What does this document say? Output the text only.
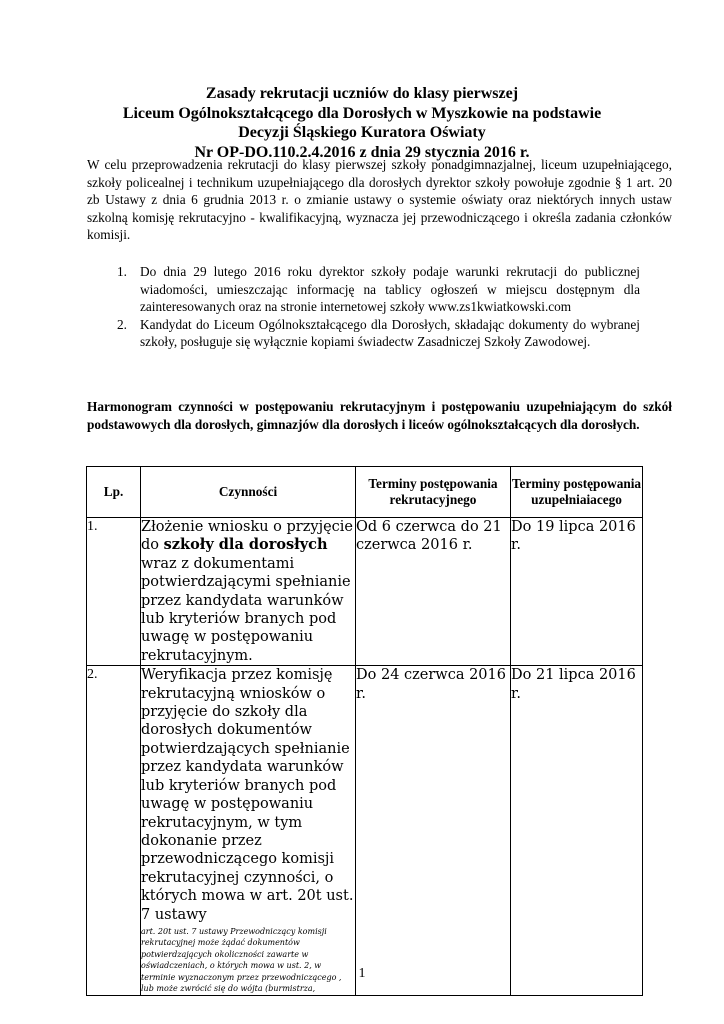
Zasady rekrutacji uczniów do klasy pierwszej
Liceum Ogólnokształcącego dla Dorosłych w Myszkowie na podstawie
Decyzji Śląskiego Kuratora Oświaty
Nr OP-DO.110.2.4.2016 z dnia 29 stycznia 2016 r.
W celu przeprowadzenia rekrutacji do klasy pierwszej szkoły ponadgimnazjalnej, liceum uzupełniającego, szkoły policealnej i technikum uzupełniającego dla dorosłych dyrektor szkoły powołuje zgodnie § 1 art. 20 zb Ustawy z dnia 6 grudnia 2013 r. o zmianie ustawy o systemie oświaty oraz niektórych innych ustaw szkolną komisję rekrutacyjno - kwalifikacyjną, wyznacza jej przewodniczącego i określa zadania członków komisji.
1. Do dnia 29 lutego 2016 roku dyrektor szkoły podaje warunki rekrutacji do publicznej wiadomości, umieszczając informację na tablicy ogłoszeń w miejscu dostępnym dla zainteresowanych oraz na stronie internetowej szkoły www.zs1kwiatkowski.com
2. Kandydat do Liceum Ogólnokształcącego dla Dorosłych, składając dokumenty do wybranej szkoły, posługuje się wyłącznie kopiami świadectw Zasadniczej Szkoły Zawodowej.
Harmonogram czynności w postępowaniu rekrutacyjnym i postępowaniu uzupełniającym do szkół podstawowych dla dorosłych, gimnazjów dla dorosłych i liceów ogólnokształcących dla dorosłych.
Lp.	Czynności	Terminy postępowania rekrutacyjnego	Terminy postępowania uzupełniaiacego
1.	Złożenie wniosku o przyjęcie do szkoły dla dorosłych wraz z dokumentami potwierdzającymi spełnianie przez kandydata warunków lub kryteriów branych pod uwagę w postępowaniu rekrutacyjnym.	Od 6 czerwca do 21 czerwca 2016 r.	Do 19 lipca 2016 r.
2.	Weryfikacja przez komisję rekrutacyjną wniosków o przyjęcie do szkoły dla dorosłych dokumentów potwierdzających spełnianie przez kandydata warunków lub kryteriów branych pod uwagę w postępowaniu rekrutacyjnym, w tym dokonanie przez przewodniczącego komisji rekrutacyjnej czynności, o których mowa w art. 20t ust. 7 ustawy
art. 20t ust. 7 ustawy Przewodniczący komisji rekrutacyjnej może żądać dokumentów potwierdzających okoliczności zawarte w oświadczeniach, o których mowa w ust. 2, w terminie wyznaczonym przez przewodniczącego , lub może zwrócić się do wójta (burmistrza,	Do 24 czerwca 2016 r.	Do 21 lipca 2016 r.
1
